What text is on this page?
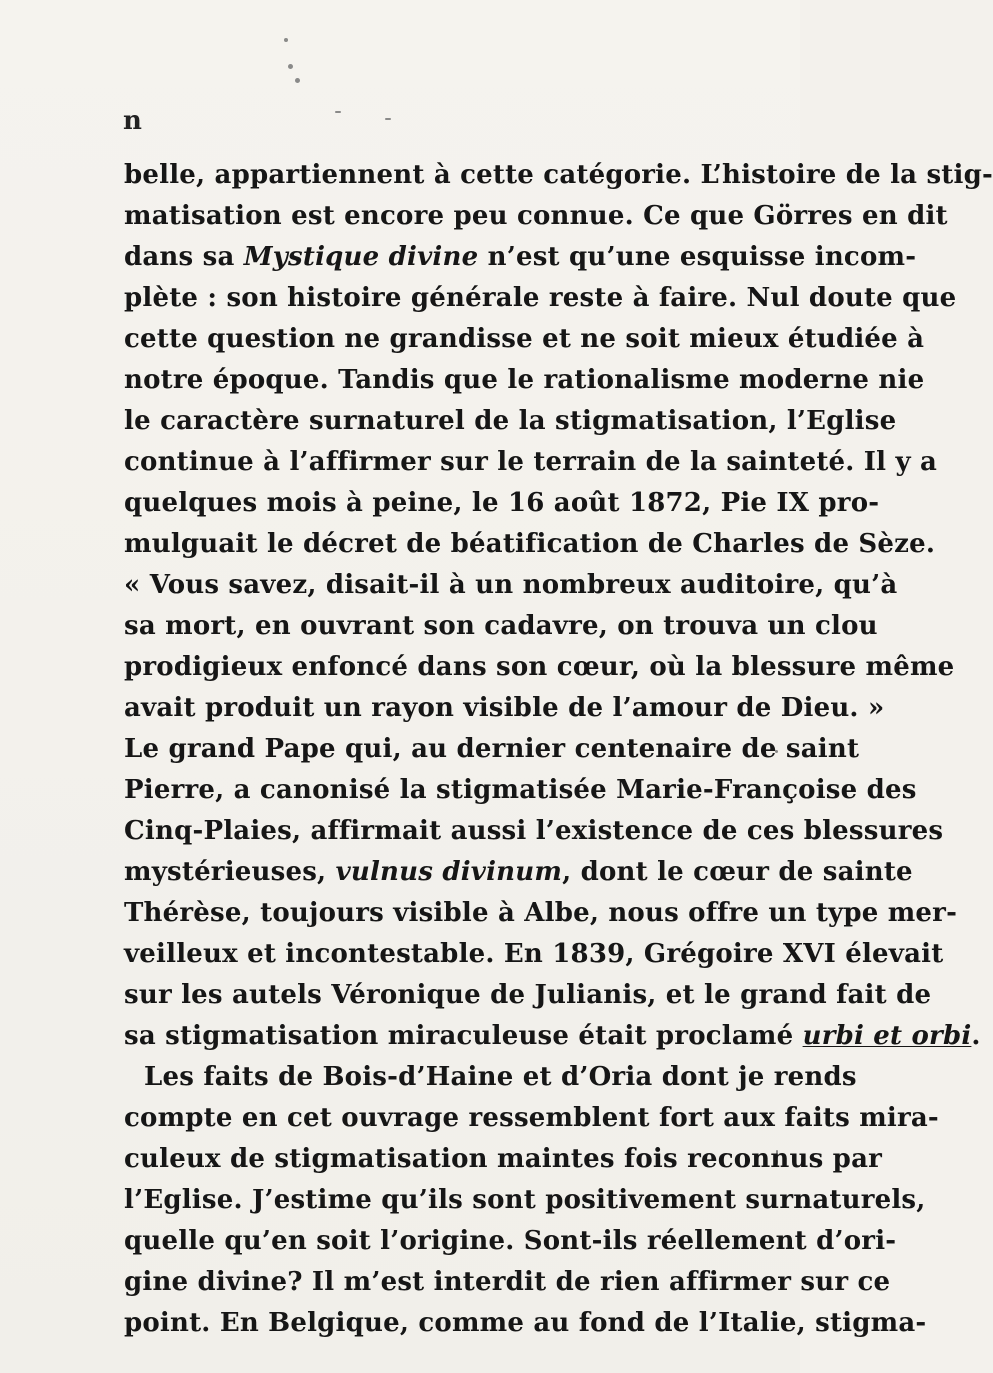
n
belle, appartiennent à cette catégorie. L’histoire de la stig-
matisation est encore peu connue. Ce que Görres en dit
dans sa Mystique divine n’est qu’une esquisse incom-
plète : son histoire générale reste à faire. Nul doute que
cette question ne grandisse et ne soit mieux étudiée à
notre époque. Tandis que le rationalisme moderne nie
le caractère surnaturel de la stigmatisation, l’Eglise
continue à l’affirmer sur le terrain de la sainteté. Il y a
quelques mois à peine, le 16 août 1872, Pie IX pro-
mulguait le décret de béatification de Charles de Sèze.
« Vous savez, disait-il à un nombreux auditoire, qu’à
sa mort, en ouvrant son cadavre, on trouva un clou
prodigieux enfoncé dans son cœur, où la blessure même
avait produit un rayon visible de l’amour de Dieu. »
Le grand Pape qui, au dernier centenaire de saint
Pierre, a canonisé la stigmatisée Marie-Françoise des
Cinq-Plaies, affirmait aussi l’existence de ces blessures
mystérieuses, vulnus divinum, dont le cœur de sainte
Thérèse, toujours visible à Albe, nous offre un type mer-
veilleux et incontestable. En 1839, Grégoire XVI élevait
sur les autels Véronique de Julianis, et le grand fait de
sa stigmatisation miraculeuse était proclamé urbi et orbi.
Les faits de Bois-d’Haine et d’Oria dont je rends
compte en cet ouvrage ressemblent fort aux faits mira-
culeux de stigmatisation maintes fois reconnus par
l’Eglise. J’estime qu’ils sont positivement surnaturels,
quelle qu’en soit l’origine. Sont-ils réellement d’ori-
gine divine? Il m’est interdit de rien affirmer sur ce
point. En Belgique, comme au fond de l’Italie, stigma-
